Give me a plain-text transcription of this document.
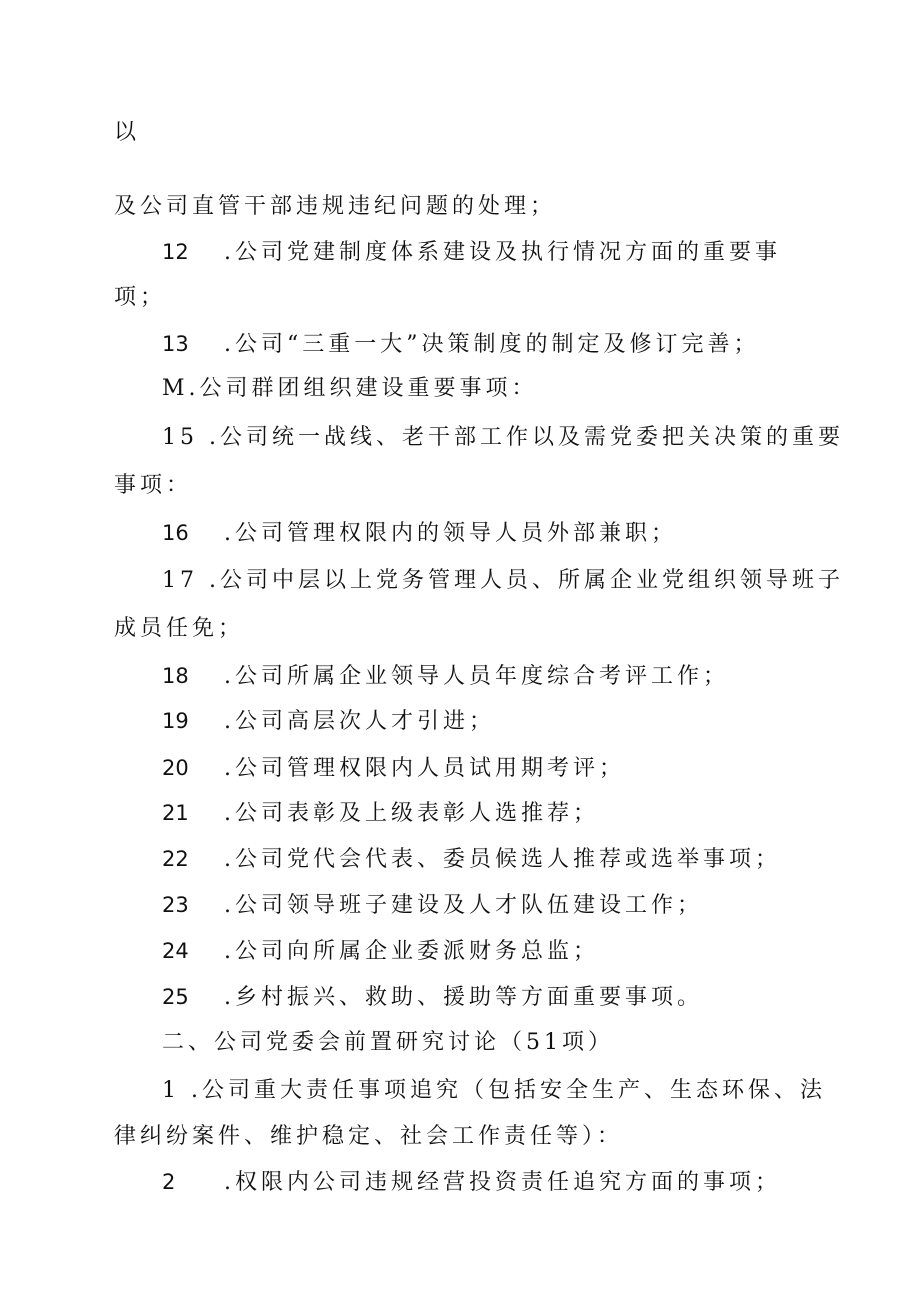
以
及公司直管干部违规违纪问题的处理；
12 .公司党建制度体系建设及执行情况方面的重要事
项；
13 .公司“三重一大”决策制度的制定及修订完善；
M.公司群团组织建设重要事项：
15 .公司统一战线、老干部工作以及需党委把关决策的重要
事项：
16 .公司管理权限内的领导人员外部兼职；
17 .公司中层以上党务管理人员、所属企业党组织领导班子
成员任免；
18 .公司所属企业领导人员年度综合考评工作；
19 .公司高层次人才引进；
20 .公司管理权限内人员试用期考评；
21 .公司表彰及上级表彰人选推荐；
22 .公司党代会代表、委员候选人推荐或选举事项；
23 .公司领导班子建设及人才队伍建设工作；
24 .公司向所属企业委派财务总监；
25 .乡村振兴、救助、援助等方面重要事项。
二、公司党委会前置研究讨论（51项）
1 .公司重大责任事项追究（包括安全生产、生态环保、法
律纠纷案件、维护稳定、社会工作责任等）：
2 .权限内公司违规经营投资责任追究方面的事项；
